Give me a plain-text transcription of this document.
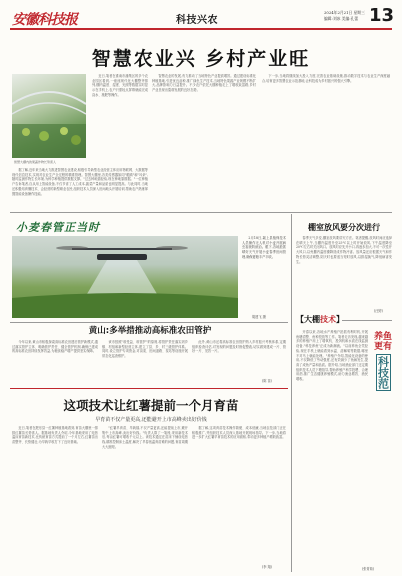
安徽科技报	科技兴农
2024年2月21日 星期三
编辑:刘冰 美编:孔蕾 13
智慧农业兴 乡村产业旺
智慧大棚内的果蔬作物长势喜人

近日,笔者在淮南市潘集区的多个农业园区看到,一座座现代化大棚整齐排列,棚内温度、湿度、光照等数据实时显示在手机上,农户只需轻点屏幕就能完成浇水、施肥等操作。

据了解,近年来当地大力推进智慧农业建设,积极引导新型农业经营主体应用物联网、大数据等现代信息技术,实现对农业生产全过程的精准管理。智慧大棚里,各类传感器如同"眼睛"和"耳朵",随时监测作物生长环境,为科学种植提供数据支撑。"过去种地靠经验,现在种地靠数据。"一位种植户告诉笔者,自从用上智能设备,不仅节省了人工成本,蔬菜产量和品质也明显提高。与此同时,当地还积极培育懂技术、会经营的新型职业农民,组织技术人员深入田间地头开展培训,帮助农户熟练掌握智能设备操作技能。

智慧农业的发展,有力推动了当地特色产业提质增效。通过建设标准化种植基地,引进优良品种,推广绿色生产技术,当地特色果蔬产业规模不断扩大,品牌影响力日益提升。不少农户依托大棚种植走上了增收致富路,乡村产业呈现出蓬勃发展的良好态势。

下一步,当地将继续加大投入力度,完善农业基础设施,推动数字技术与农业生产深度融合,培育更多智慧农业示范基地,让科技成为乡村振兴的强大引擎。

小麦春管正当时

2月18日,颍上县植保技术人员操作无人机对小麦开展病虫害统防统治。眼下,各地抢抓晴好天气开展小麦春季田间管理,确保夏粮丰产丰收。

胡建飞 摄
黄山:多举措推动高标准农田管护

今年以来,黄山市积极探索高标准农田建后管护新模式,通过落实管护主体、明确管护责任、健全管护机制,确保已建成的高标准农田持续发挥效益,为粮食稳产增产提供坚实保障。

该市按照"谁受益、谁管护"的原则,将管护责任落实到乡镇、村组和新型经营主体,建立了县、乡、村三级管护体系。同时,设立管护专项资金,对沟渠、田间道路、泵站等设施开展常态化巡查维护。

此外,黄山市还将高标准农田管护纳入乡村振兴考核体系,定期组织检查评估,对发现的问题及时督促整改,切实做到建成一片、管好一片、见效一片。

(陈 苗)
这项技术让红薯提前一个月育苗
早育苗不仅产量更高,还能避开上市高峰卖出好价钱

近日,笔者在肥东县一红薯种植基地看到,育苗大棚里一排排红薯苗长势喜人。据基地负责人介绍,今年基地采用了电热温床育苗新技术,比传统育苗方式提前了一个月左右,红薯苗出苗整齐、长势健壮,为早栽早收打下了良好基础。

"红薯早育苗、早栽插,不仅产量更高,还能提前上市,避开集中上市高峰,卖出好价钱。"负责人算了一笔账,采用新技术后,每亩红薯可增收千元以上。该技术通过在苗床下铺设电热线,精准控制床土温度,解决了早春低温育苗难的问题,育苗周期大大缩短。

据了解,这项育苗技术操作简便、成本低廉,当地农技部门正在积极推广,并组织技术人员深入基地开展现场指导。下一步,当地将进一步扩大红薯早育苗技术的应用面积,带动更多种植户增收致富。

(李 翔)
棚室放风要分次进行

春季天气多变,棚室放风要讲究方法。笔者提醒,放风时间应选择在晴天上午,当棚内温度升至25℃以上时开始放风,下午温度降至20℃左右时关闭风口。放风时应先开小口,再逐步加大,不可一次性开大风口,以免棚内温度骤降造成作物冷害。放风量还应根据天气和作物长势灵活调整,阴天时也要适当短时放风,以排湿换气,降低病害发生。

(汪婷)
【 大棚 技术 】
养鱼
更有
科技范

开春以来,各地水产养殖户抢抓有利时机,开展鱼塘清整、鱼种投放等工作。笔者走访发现,越来越多的养殖户用上了增氧机、投饵机和水质在线监测设备,"科技养鱼"正成为新潮流。"以前养鱼全凭经验,现在手机上就能看到水温、溶解氧等数据,哪里不对马上就能处理。"养殖户介绍,智能化设备的使用,不仅降低了劳动强度,还有效减少了鱼病发生,提高了成鱼产量和品质。据介绍,当地渔业部门还定期组织技术人员下塘指导,帮助养殖户科学投喂、合理用药,推广生态健康养殖模式,助力渔业增效、渔民增收。

(张青菊)
